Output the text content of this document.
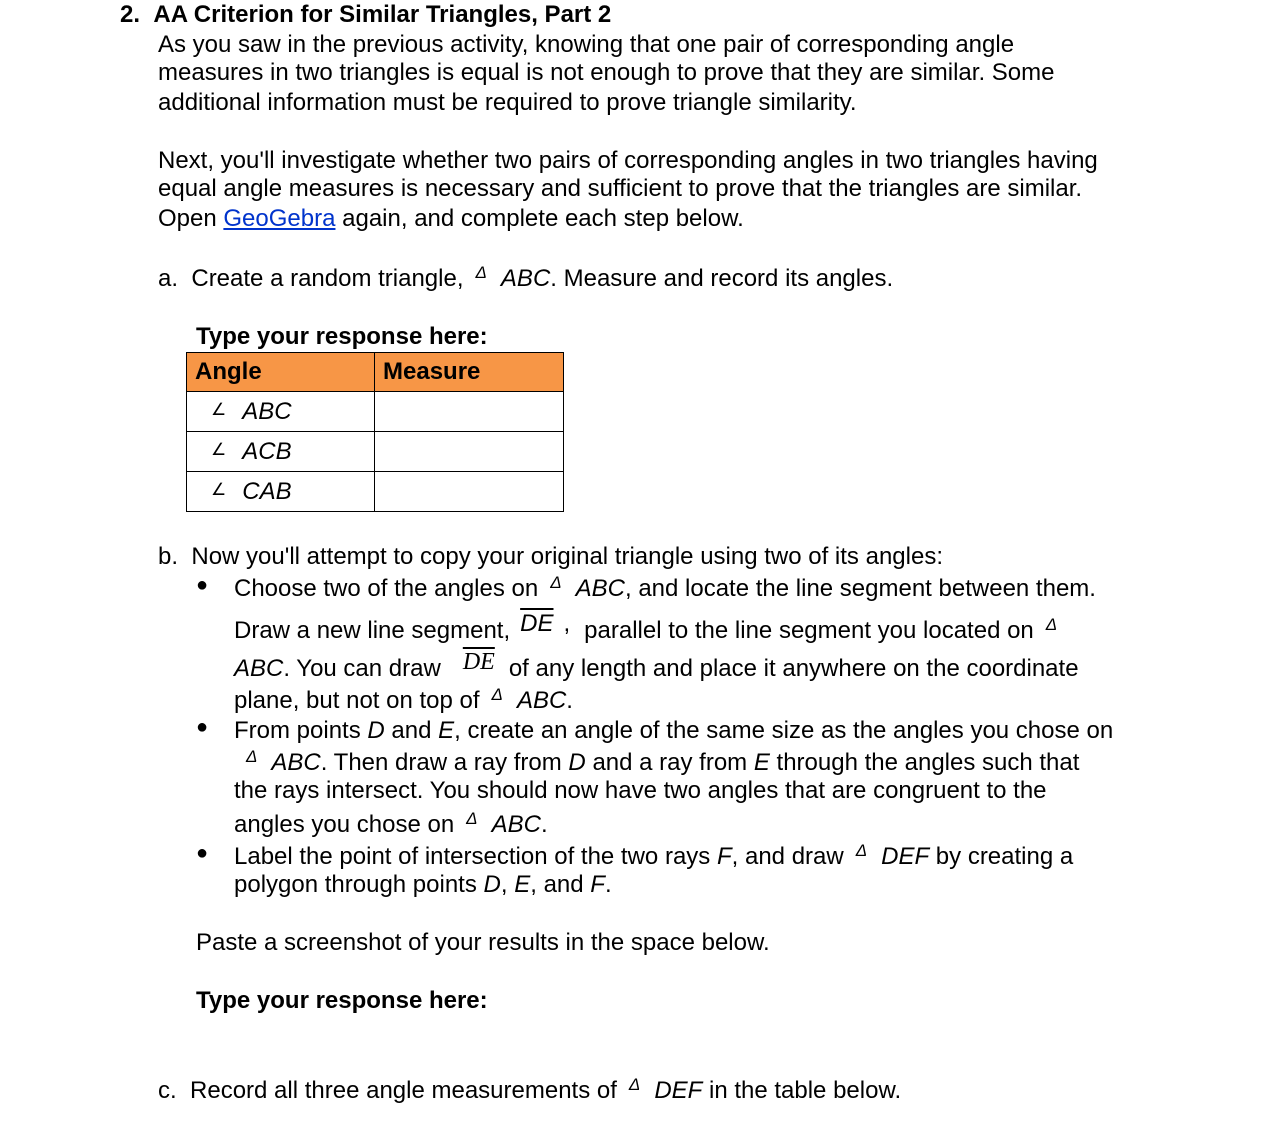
2. AA Criterion for Similar Triangles, Part 2
As you saw in the previous activity, knowing that one pair of corresponding angle
measures in two triangles is equal is not enough to prove that they are similar. Some
additional information must be required to prove triangle similarity.
Next, you'll investigate whether two pairs of corresponding angles in two triangles having
equal angle measures is necessary and sufficient to prove that the triangles are similar.
Open GeoGebra again, and complete each step below.
a. Create a random triangle, $^\Delta$ ABC. Measure and record its angles.
Type your response here:
Angle	Measure
∠ ABC	
∠ ACB	
∠ CAB	
b. Now you'll attempt to copy your original triangle using two of its angles:
● Choose two of the angles on $^\Delta$ ABC, and locate the line segment between them.
Draw a new line segment, $\overline{DE}$ , parallel to the line segment you located on $^\Delta$
ABC. You can draw $\overline{DE}$ of any length and place it anywhere on the coordinate
plane, but not on top of $^\Delta$ ABC.
● From points D and E, create an angle of the same size as the angles you chose on
$^\Delta$ ABC. Then draw a ray from D and a ray from E through the angles such that
the rays intersect. You should now have two angles that are congruent to the
angles you chose on $^\Delta$ ABC.
● Label the point of intersection of the two rays F, and draw $^\Delta$ DEF by creating a
polygon through points D, E, and F.
Paste a screenshot of your results in the space below.
Type your response here:
c. Record all three angle measurements of $^\Delta$ DEF in the table below.
